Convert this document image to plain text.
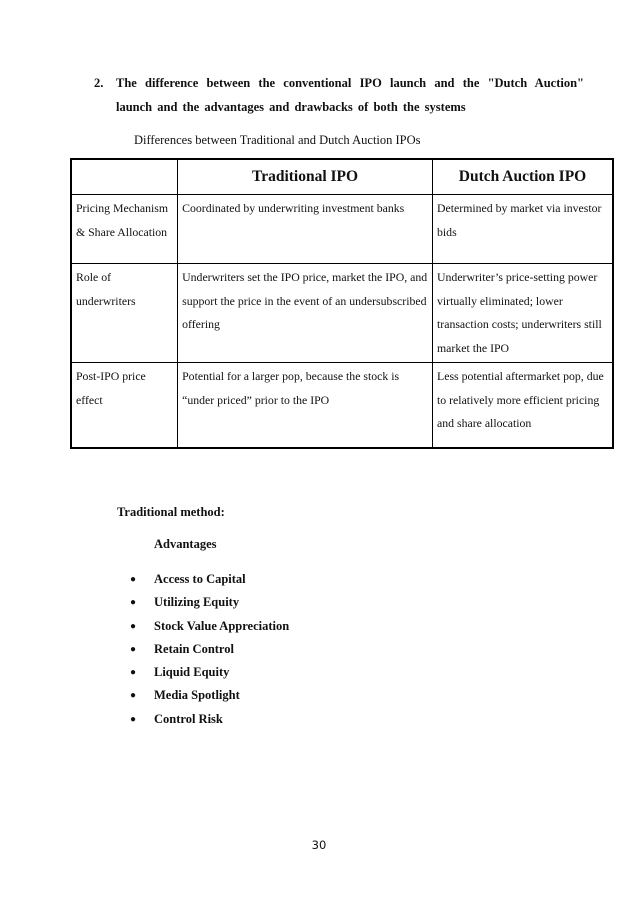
2. The difference between the conventional IPO launch and the "Dutch Auction" launch and the advantages and drawbacks of both the systems
Differences between Traditional and Dutch Auction IPOs
	Traditional IPO	Dutch Auction IPO
Pricing Mechanism & Share Allocation	Coordinated by underwriting investment banks	Determined by market via investor bids
Role of underwriters	Underwriters set the IPO price, market the IPO, and support the price in the event of an undersubscribed offering	Underwriter’s price-setting power virtually eliminated; lower transaction costs; underwriters still market the IPO
Post-IPO price effect	Potential for a larger pop, because the stock is “under priced” prior to the IPO	Less potential aftermarket pop, due to relatively more efficient pricing and share allocation
Traditional method:
Advantages
● Access to Capital
● Utilizing Equity
● Stock Value Appreciation
● Retain Control
● Liquid Equity
● Media Spotlight
● Control Risk
30
